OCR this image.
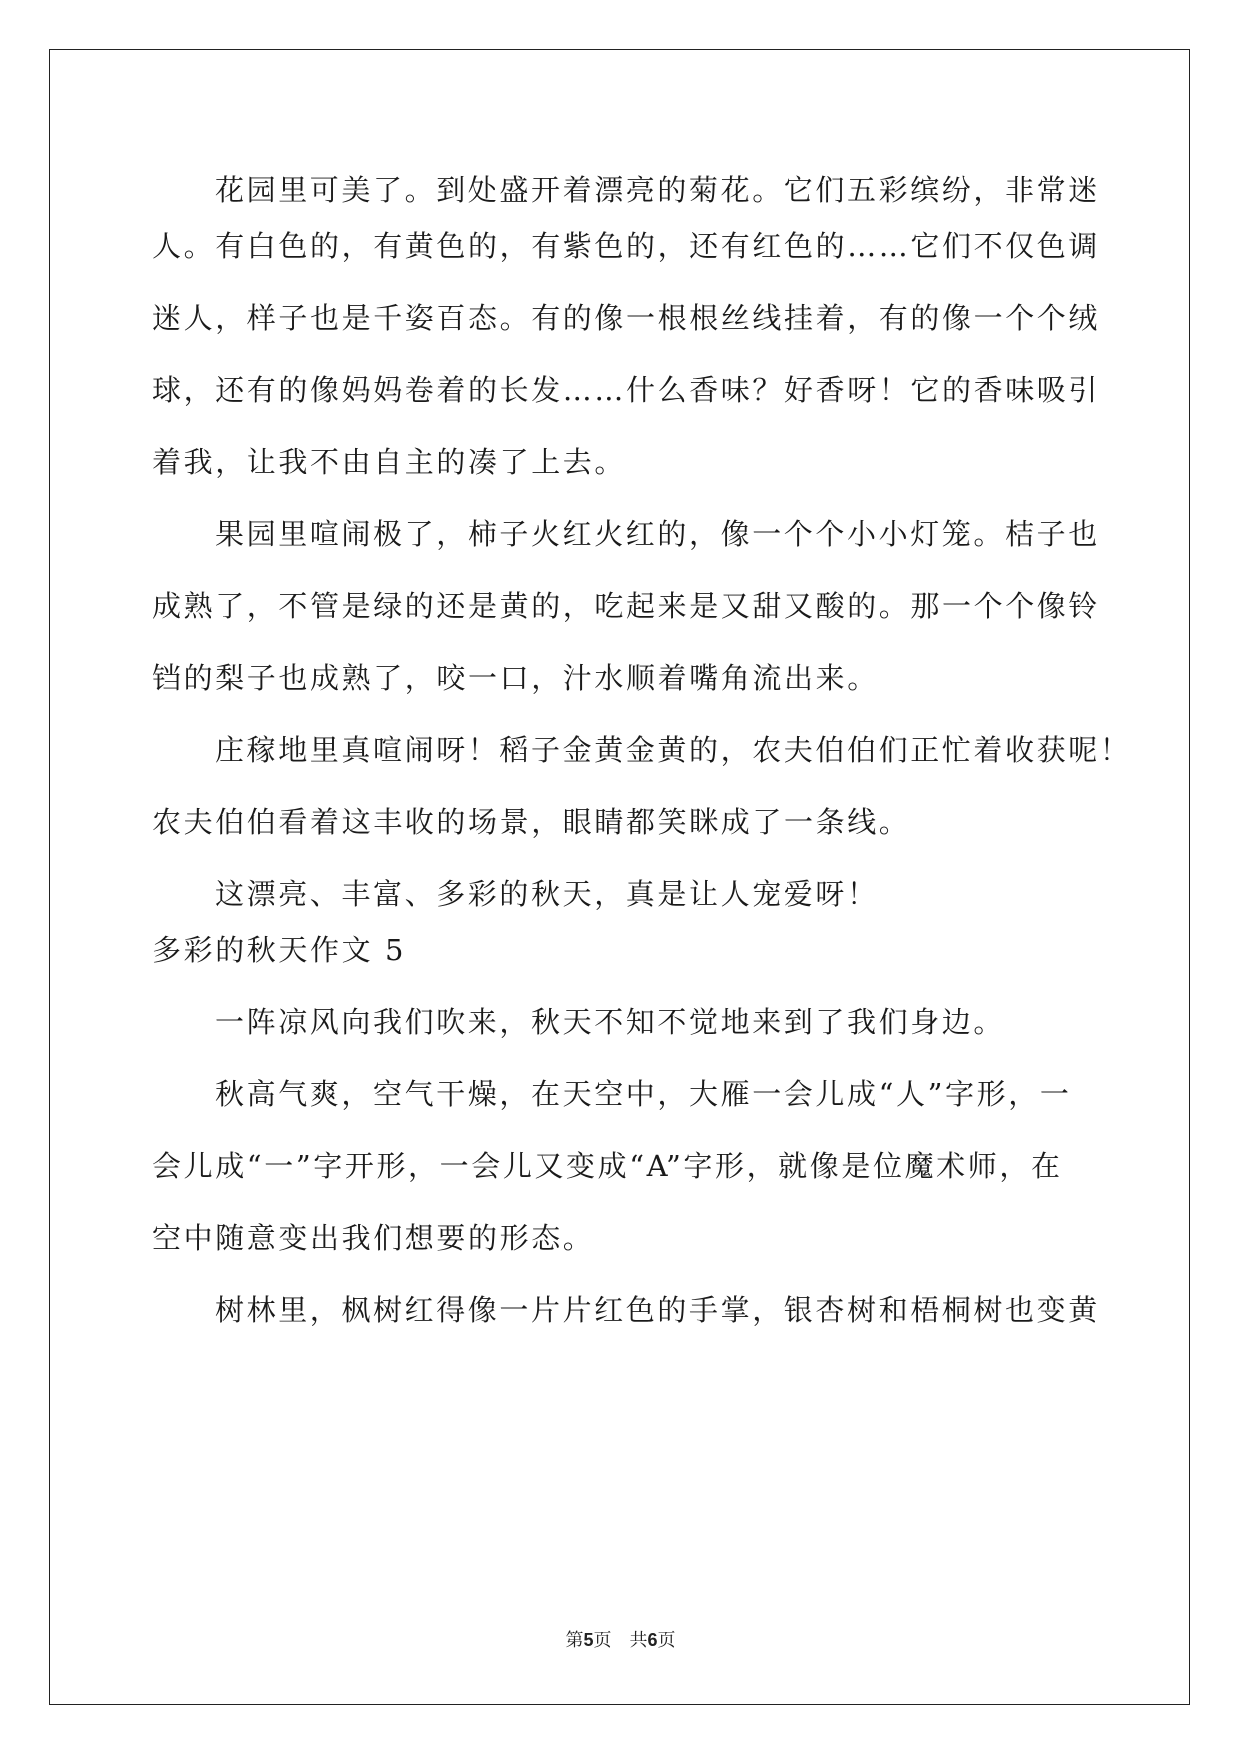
花园里可美了。到处盛开着漂亮的菊花。它们五彩缤纷，非常迷

人。有白色的，有黄色的，有紫色的，还有红色的……它们不仅色调

迷人，样子也是千姿百态。有的像一根根丝线挂着，有的像一个个绒

球，还有的像妈妈卷着的长发……什么香味？好香呀！它的香味吸引

着我，让我不由自主的凑了上去。

果园里喧闹极了，柿子火红火红的，像一个个小小灯笼。桔子也

成熟了，不管是绿的还是黄的，吃起来是又甜又酸的。那一个个像铃

铛的梨子也成熟了，咬一口，汁水顺着嘴角流出来。

庄稼地里真喧闹呀！稻子金黄金黄的，农夫伯伯们正忙着收获呢！

农夫伯伯看着这丰收的场景，眼睛都笑眯成了一条线。

这漂亮、丰富、多彩的秋天，真是让人宠爱呀！

多彩的秋天作文 5

一阵凉风向我们吹来，秋天不知不觉地来到了我们身边。

秋高气爽，空气干燥，在天空中，大雁一会儿成“人”字形，一

会儿成“一”字开形，一会儿又变成“A”字形，就像是位魔术师，在

空中随意变出我们想要的形态。

树林里，枫树红得像一片片红色的手掌，银杏树和梧桐树也变黄

第5页　共6页
